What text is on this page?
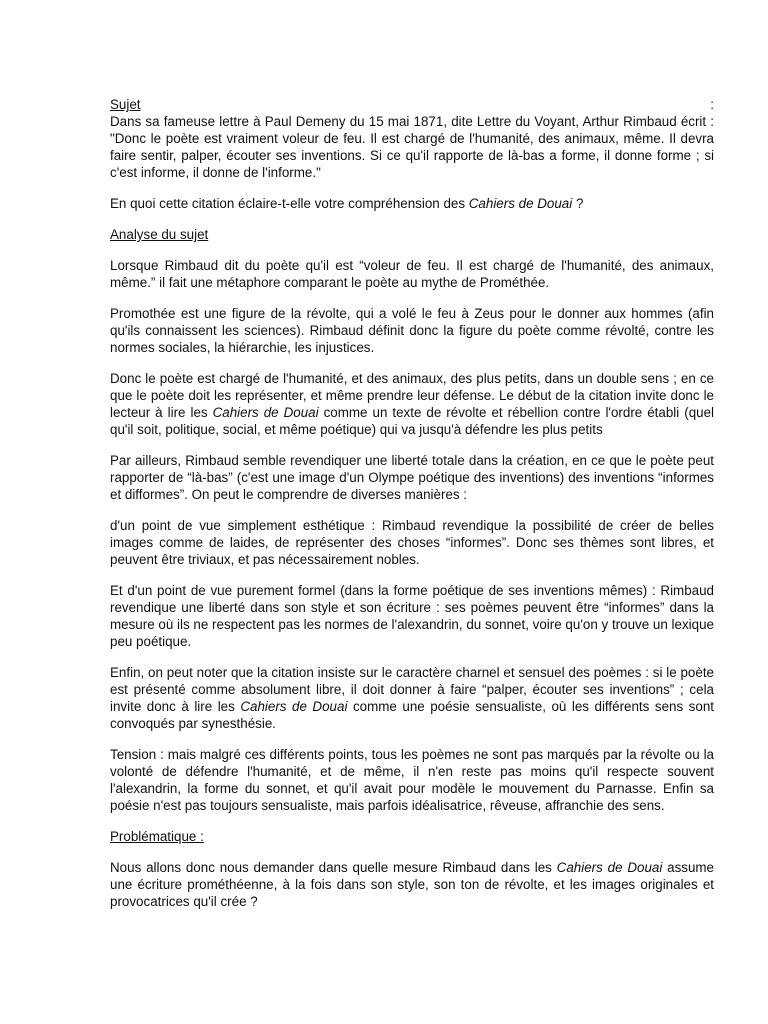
Sujet	:

Dans sa fameuse lettre à Paul Demeny du 15 mai 1871, dite Lettre du Voyant, Arthur Rimbaud écrit : "Donc le poète est vraiment voleur de feu. Il est chargé de l'humanité, des animaux, même. Il devra faire sentir, palper, écouter ses inventions. Si ce qu'il rapporte de là-bas a forme, il donne forme ; si c'est informe, il donne de l'informe."

En quoi cette citation éclaire-t-elle votre compréhension des Cahiers de Douai ?

Analyse du sujet

Lorsque Rimbaud dit du poète qu'il est “voleur de feu. Il est chargé de l'humanité, des animaux, même.” il fait une métaphore comparant le poète au mythe de Prométhée.

Promothée est une figure de la révolte, qui a volé le feu à Zeus pour le donner aux hommes (afin qu'ils connaissent les sciences). Rimbaud définit donc la figure du poète comme révolté, contre les normes sociales, la hiérarchie, les injustices.

Donc le poète est chargé de l'humanité, et des animaux, des plus petits, dans un double sens ; en ce que le poète doit les représenter, et même prendre leur défense. Le début de la citation invite donc le lecteur à lire les Cahiers de Douai comme un texte de révolte et rébellion contre l'ordre établi (quel qu'il soit, politique, social, et même poétique) qui va jusqu'à défendre les plus petits

Par ailleurs, Rimbaud semble revendiquer une liberté totale dans la création, en ce que le poète peut rapporter de “là-bas” (c'est une image d'un Olympe poétique des inventions) des inventions “informes et difformes”. On peut le comprendre de diverses manières :

d'un point de vue simplement esthétique : Rimbaud revendique la possibilité de créer de belles images comme de laides, de représenter des choses “informes”. Donc ses thèmes sont libres, et peuvent être triviaux, et pas nécessairement nobles.

Et d'un point de vue purement formel (dans la forme poétique de ses inventions mêmes) : Rimbaud revendique une liberté dans son style et son écriture : ses poèmes peuvent être “informes” dans la mesure où ils ne respectent pas les normes de l'alexandrin, du sonnet, voire qu'on y trouve un lexique peu poétique.

Enfin, on peut noter que la citation insiste sur le caractère charnel et sensuel des poèmes : si le poète est présenté comme absolument libre, il doit donner à faire “palper, écouter ses inventions” ; cela invite donc à lire les Cahiers de Douai comme une poésie sensualiste, où les différents sens sont convoqués par synesthésie.

Tension : mais malgré ces différents points, tous les poèmes ne sont pas marqués par la révolte ou la volonté de défendre l'humanité, et de même, il n'en reste pas moins qu'il respecte souvent l'alexandrin, la forme du sonnet, et qu'il avait pour modèle le mouvement du Parnasse. Enfin sa poésie n'est pas toujours sensualiste, mais parfois idéalisatrice, rêveuse, affranchie des sens.

Problématique :

Nous allons donc nous demander dans quelle mesure Rimbaud dans les Cahiers de Douai assume une écriture prométhéenne, à la fois dans son style, son ton de révolte, et les images originales et provocatrices qu'il crée ?
